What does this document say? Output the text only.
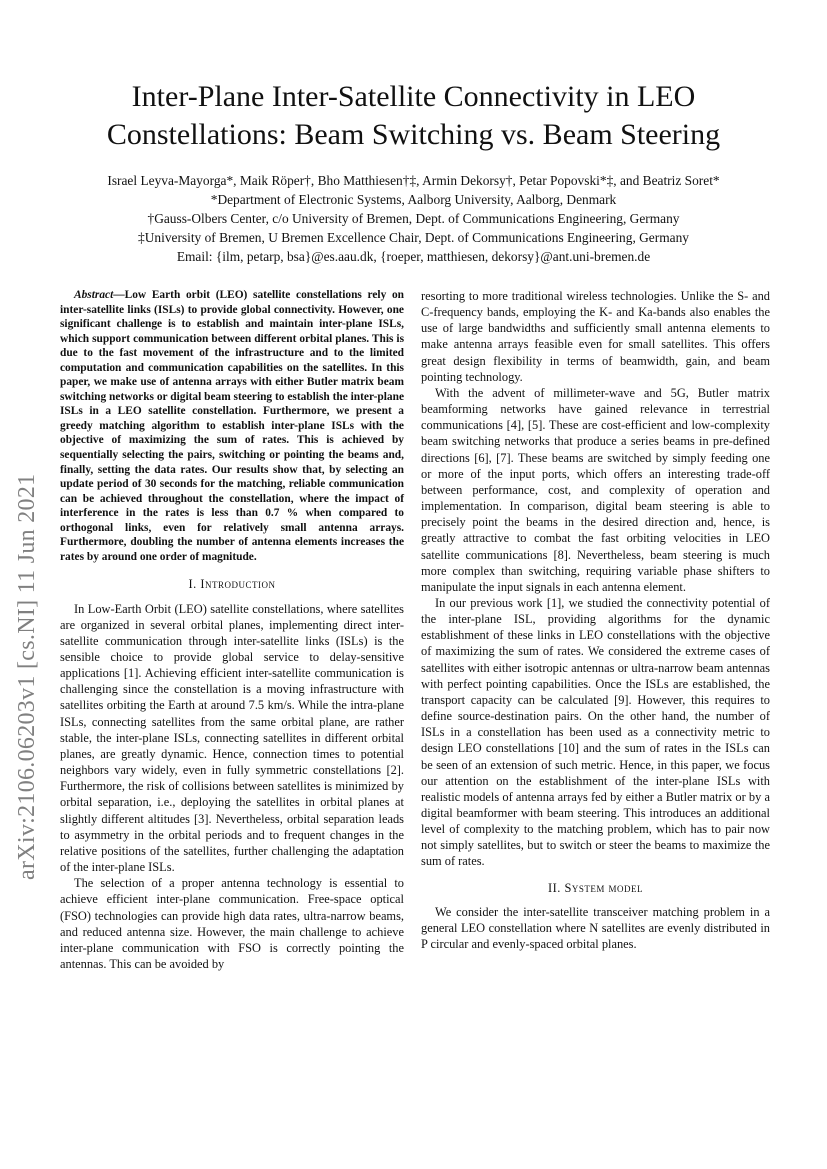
arXiv:2106.06203v1 [cs.NI] 11 Jun 2021
Inter-Plane Inter-Satellite Connectivity in LEO
Constellations: Beam Switching vs. Beam Steering
Israel Leyva-Mayorga*, Maik Röper†, Bho Matthiesen†‡, Armin Dekorsy†, Petar Popovski*‡, and Beatriz Soret*
*Department of Electronic Systems, Aalborg University, Aalborg, Denmark
†Gauss-Olbers Center, c/o University of Bremen, Dept. of Communications Engineering, Germany
‡University of Bremen, U Bremen Excellence Chair, Dept. of Communications Engineering, Germany
Email: {ilm, petarp, bsa}@es.aau.dk, {roeper, matthiesen, dekorsy}@ant.uni-bremen.de

Abstract—Low Earth orbit (LEO) satellite constellations rely on inter-satellite links (ISLs) to provide global connectivity. However, one significant challenge is to establish and maintain inter-plane ISLs, which support communication between different orbital planes. This is due to the fast movement of the infrastructure and to the limited computation and communication capabilities on the satellites. In this paper, we make use of antenna arrays with either Butler matrix beam switching networks or digital beam steering to establish the inter-plane ISLs in a LEO satellite constellation. Furthermore, we present a greedy matching algorithm to establish inter-plane ISLs with the objective of maximizing the sum of rates. This is achieved by sequentially selecting the pairs, switching or pointing the beams and, finally, setting the data rates. Our results show that, by selecting an update period of 30 seconds for the matching, reliable communication can be achieved throughout the constellation, where the impact of interference in the rates is less than 0.7 % when compared to orthogonal links, even for relatively small antenna arrays. Furthermore, doubling the number of antenna elements increases the rates by around one order of magnitude.

I. Introduction

In Low-Earth Orbit (LEO) satellite constellations, where satellites are organized in several orbital planes, implementing direct inter-satellite communication through inter-satellite links (ISLs) is the sensible choice to provide global service to delay-sensitive applications [1]. Achieving efficient inter-satellite communication is challenging since the constellation is a moving infrastructure with satellites orbiting the Earth at around 7.5 km/s. While the intra-plane ISLs, connecting satellites from the same orbital plane, are rather stable, the inter-plane ISLs, connecting satellites in different orbital planes, are greatly dynamic. Hence, connection times to potential neighbors vary widely, even in fully symmetric constellations [2]. Furthermore, the risk of collisions between satellites is minimized by orbital separation, i.e., deploying the satellites in orbital planes at slightly different altitudes [3]. Nevertheless, orbital separation leads to asymmetry in the orbital periods and to frequent changes in the relative positions of the satellites, further challenging the adaptation of the inter-plane ISLs.

The selection of a proper antenna technology is essential to achieve efficient inter-plane communication. Free-space optical (FSO) technologies can provide high data rates, ultra-narrow beams, and reduced antenna size. However, the main challenge to achieve inter-plane communication with FSO is correctly pointing the antennas. This can be avoided by

resorting to more traditional wireless technologies. Unlike the S- and C-frequency bands, employing the K- and Ka-bands also enables the use of large bandwidths and sufficiently small antenna elements to make antenna arrays feasible even for small satellites. This offers great design flexibility in terms of beamwidth, gain, and beam pointing technology.

With the advent of millimeter-wave and 5G, Butler matrix beamforming networks have gained relevance in terrestrial communications [4], [5]. These are cost-efficient and low-complexity beam switching networks that produce a series beams in pre-defined directions [6], [7]. These beams are switched by simply feeding one or more of the input ports, which offers an interesting trade-off between performance, cost, and complexity of operation and implementation. In comparison, digital beam steering is able to precisely point the beams in the desired direction and, hence, is greatly attractive to combat the fast orbiting velocities in LEO satellite communications [8]. Nevertheless, beam steering is much more complex than switching, requiring variable phase shifters to manipulate the input signals in each antenna element.

In our previous work [1], we studied the connectivity potential of the inter-plane ISL, providing algorithms for the dynamic establishment of these links in LEO constellations with the objective of maximizing the sum of rates. We considered the extreme cases of satellites with either isotropic antennas or ultra-narrow beam antennas with perfect pointing capabilities. Once the ISLs are established, the transport capacity can be calculated [9]. However, this requires to define source-destination pairs. On the other hand, the number of ISLs in a constellation has been used as a connectivity metric to design LEO constellations [10] and the sum of rates in the ISLs can be seen of an extension of such metric. Hence, in this paper, we focus our attention on the establishment of the inter-plane ISLs with realistic models of antenna arrays fed by either a Butler matrix or by a digital beamformer with beam steering. This introduces an additional level of complexity to the matching problem, which has to pair now not simply satellites, but to switch or steer the beams to maximize the sum of rates.

II. System model

We consider the inter-satellite transceiver matching problem in a general LEO constellation where N satellites are evenly distributed in P circular and evenly-spaced orbital planes.
